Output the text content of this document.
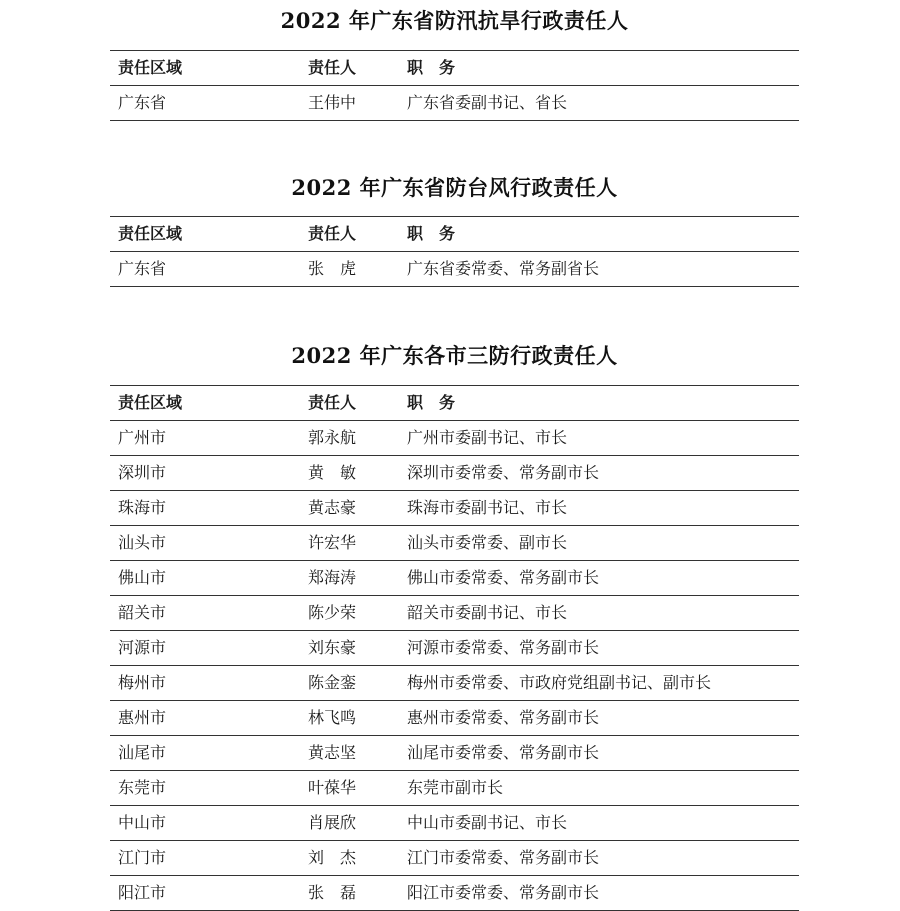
2022 年广东省防汛抗旱行政责任人
责任区域	责任人	职　务
广东省	王伟中	广东省委副书记、省长
2022 年广东省防台风行政责任人
责任区域	责任人	职　务
广东省	张　虎	广东省委常委、常务副省长
2022 年广东各市三防行政责任人
责任区域	责任人	职　务
广州市	郭永航	广州市委副书记、市长
深圳市	黄　敏	深圳市委常委、常务副市长
珠海市	黄志豪	珠海市委副书记、市长
汕头市	许宏华	汕头市委常委、副市长
佛山市	郑海涛	佛山市委常委、常务副市长
韶关市	陈少荣	韶关市委副书记、市长
河源市	刘东豪	河源市委常委、常务副市长
梅州市	陈金銮	梅州市委常委、市政府党组副书记、副市长
惠州市	林飞鸣	惠州市委常委、常务副市长
汕尾市	黄志坚	汕尾市委常委、常务副市长
东莞市	叶葆华	东莞市副市长
中山市	肖展欣	中山市委副书记、市长
江门市	刘　杰	江门市委常委、常务副市长
阳江市	张　磊	阳江市委常委、常务副市长
